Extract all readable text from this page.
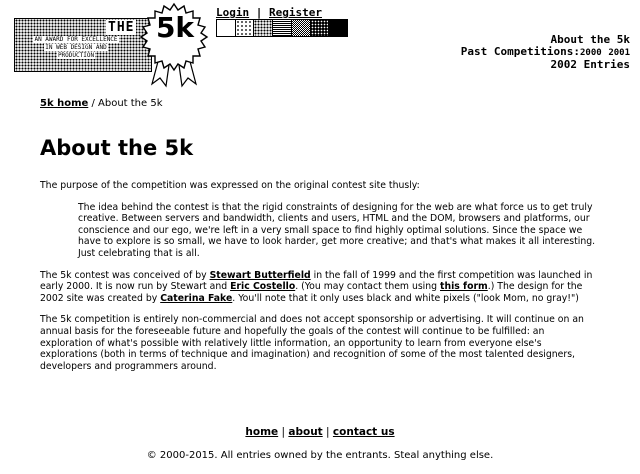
THE
AN AWARD FOR EXCELLENCE
IN WEB DESIGN AND
PRODUCTION
5k	Login | Register
About the 5k
Past Competitions:2000 2001
2002 Entries
5k home / About the 5k
About the 5k

The purpose of the competition was expressed on the original contest site thusly:

The idea behind the contest is that the rigid constraints of designing for the web are what force us to get truly creative. Between servers and bandwidth, clients and users, HTML and the DOM, browsers and platforms, our conscience and our ego, we're left in a very small space to find highly optimal solutions. Since the space we have to explore is so small, we have to look harder, get more creative; and that's what makes it all interesting. Just celebrating that is all.

The 5k contest was conceived of by Stewart Butterfield in the fall of 1999 and the first competition was launched in early 2000. It is now run by Stewart and Eric Costello. (You may contact them using this form.) The design for the 2002 site was created by Caterina Fake. You'll note that it only uses black and white pixels ("look Mom, no gray!")

The 5k competition is entirely non-commercial and does not accept sponsorship or advertising. It will continue on an annual basis for the foreseeable future and hopefully the goals of the contest will continue to be fulfilled: an exploration of what's possible with relatively little information, an opportunity to learn from everyone else's explorations (both in terms of technique and imagination) and recognition of some of the most talented designers, developers and programmers around.

home | about | contact us
© 2000-2015. All entries owned by the entrants. Steal anything else.
